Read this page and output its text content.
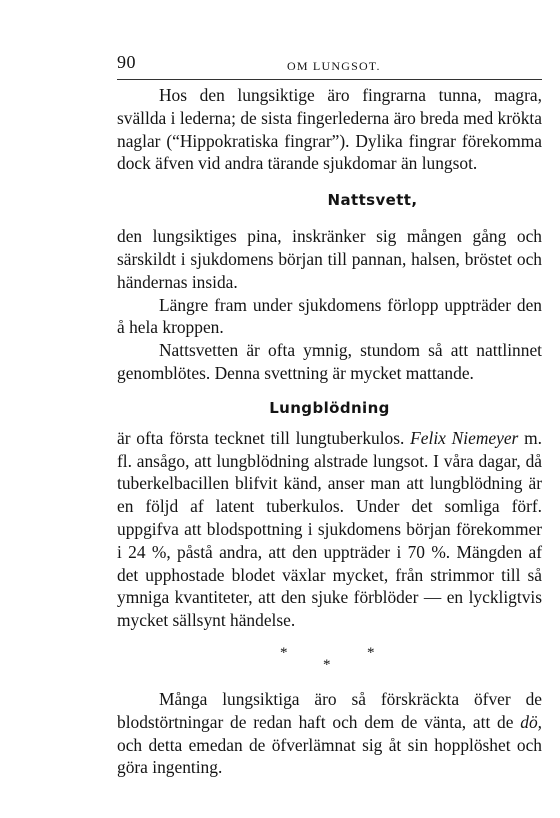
90	OM LUNGSOT.

Hos den lungsiktige äro fingrarna tunna, magra, svällda i lederna; de sista fingerlederna äro breda med krökta naglar (“Hippokratiska fingrar”). Dylika fingrar förekomma dock äfven vid andra tärande sjukdomar än lungsot.

Nattsvett,

den lungsiktiges pina, inskränker sig mången gång och särskildt i sjukdomens början till pannan, halsen, bröstet och händernas insida.

Längre fram under sjukdomens förlopp uppträder den å hela kroppen.

Nattsvetten är ofta ymnig, stundom så att nattlinnet genomblötes. Denna svettning är mycket mattande.

Lungblödning

är ofta första tecknet till lungtuberkulos. Felix Niemeyer m. fl. ansågo, att lungblödning alstrade lungsot. I våra dagar, då tuberkelbacillen blifvit känd, anser man att lungblödning är en följd af latent tuberkulos. Under det somliga förf. uppgifva att blodspottning i sjukdomens början förekommer i 24 %, påstå andra, att den uppträder i 70 %. Mängden af det upphostade blodet växlar mycket, från strimmor till så ymniga kvantiteter, att den sjuke förblöder — en lyckligtvis mycket sällsynt händelse.

*
*
*

Många lungsiktiga äro så förskräckta öfver de blodstörtningar de redan haft och dem de vänta, att de dö, och detta emedan de öfverlämnat sig åt sin hopplöshet och göra ingenting.
